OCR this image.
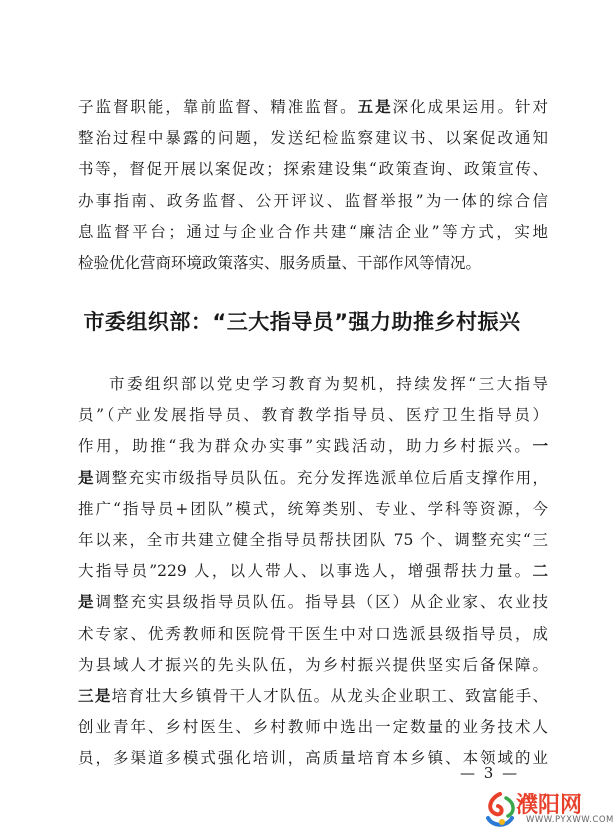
子监督职能，靠前监督、精准监督。五是深化成果运用。针对
整治过程中暴露的问题，发送纪检监察建议书、以案促改通知
书等，督促开展以案促改；探索建设集“政策查询、政策宣传、
办事指南、政务监督、公开评议、监督举报”为一体的综合信
息监督平台；通过与企业合作共建“廉洁企业”等方式，实地
检验优化营商环境政策落实、服务质量、干部作风等情况。
市委组织部：“三大指导员”强力助推乡村振兴
市委组织部以党史学习教育为契机，持续发挥“三大指导
员”（产业发展指导员、教育教学指导员、医疗卫生指导员）
作用，助推“我为群众办实事”实践活动，助力乡村振兴。一
是调整充实市级指导员队伍。充分发挥选派单位后盾支撑作用，
推广“指导员+团队”模式，统筹类别、专业、学科等资源，今
年以来，全市共建立健全指导员帮扶团队 75 个、调整充实“三
大指导员”229 人，以人带人、以事选人，增强帮扶力量。二
是调整充实县级指导员队伍。指导县（区）从企业家、农业技
术专家、优秀教师和医院骨干医生中对口选派县级指导员，成
为县域人才振兴的先头队伍，为乡村振兴提供坚实后备保障。
三是培育壮大乡镇骨干人才队伍。从龙头企业职工、致富能手、
创业青年、乡村医生、乡村教师中选出一定数量的业务技术人
员，多渠道多模式强化培训，高质量培育本乡镇、本领域的业
— 3 —
濮阳网
WWW.PYXWW.COM
